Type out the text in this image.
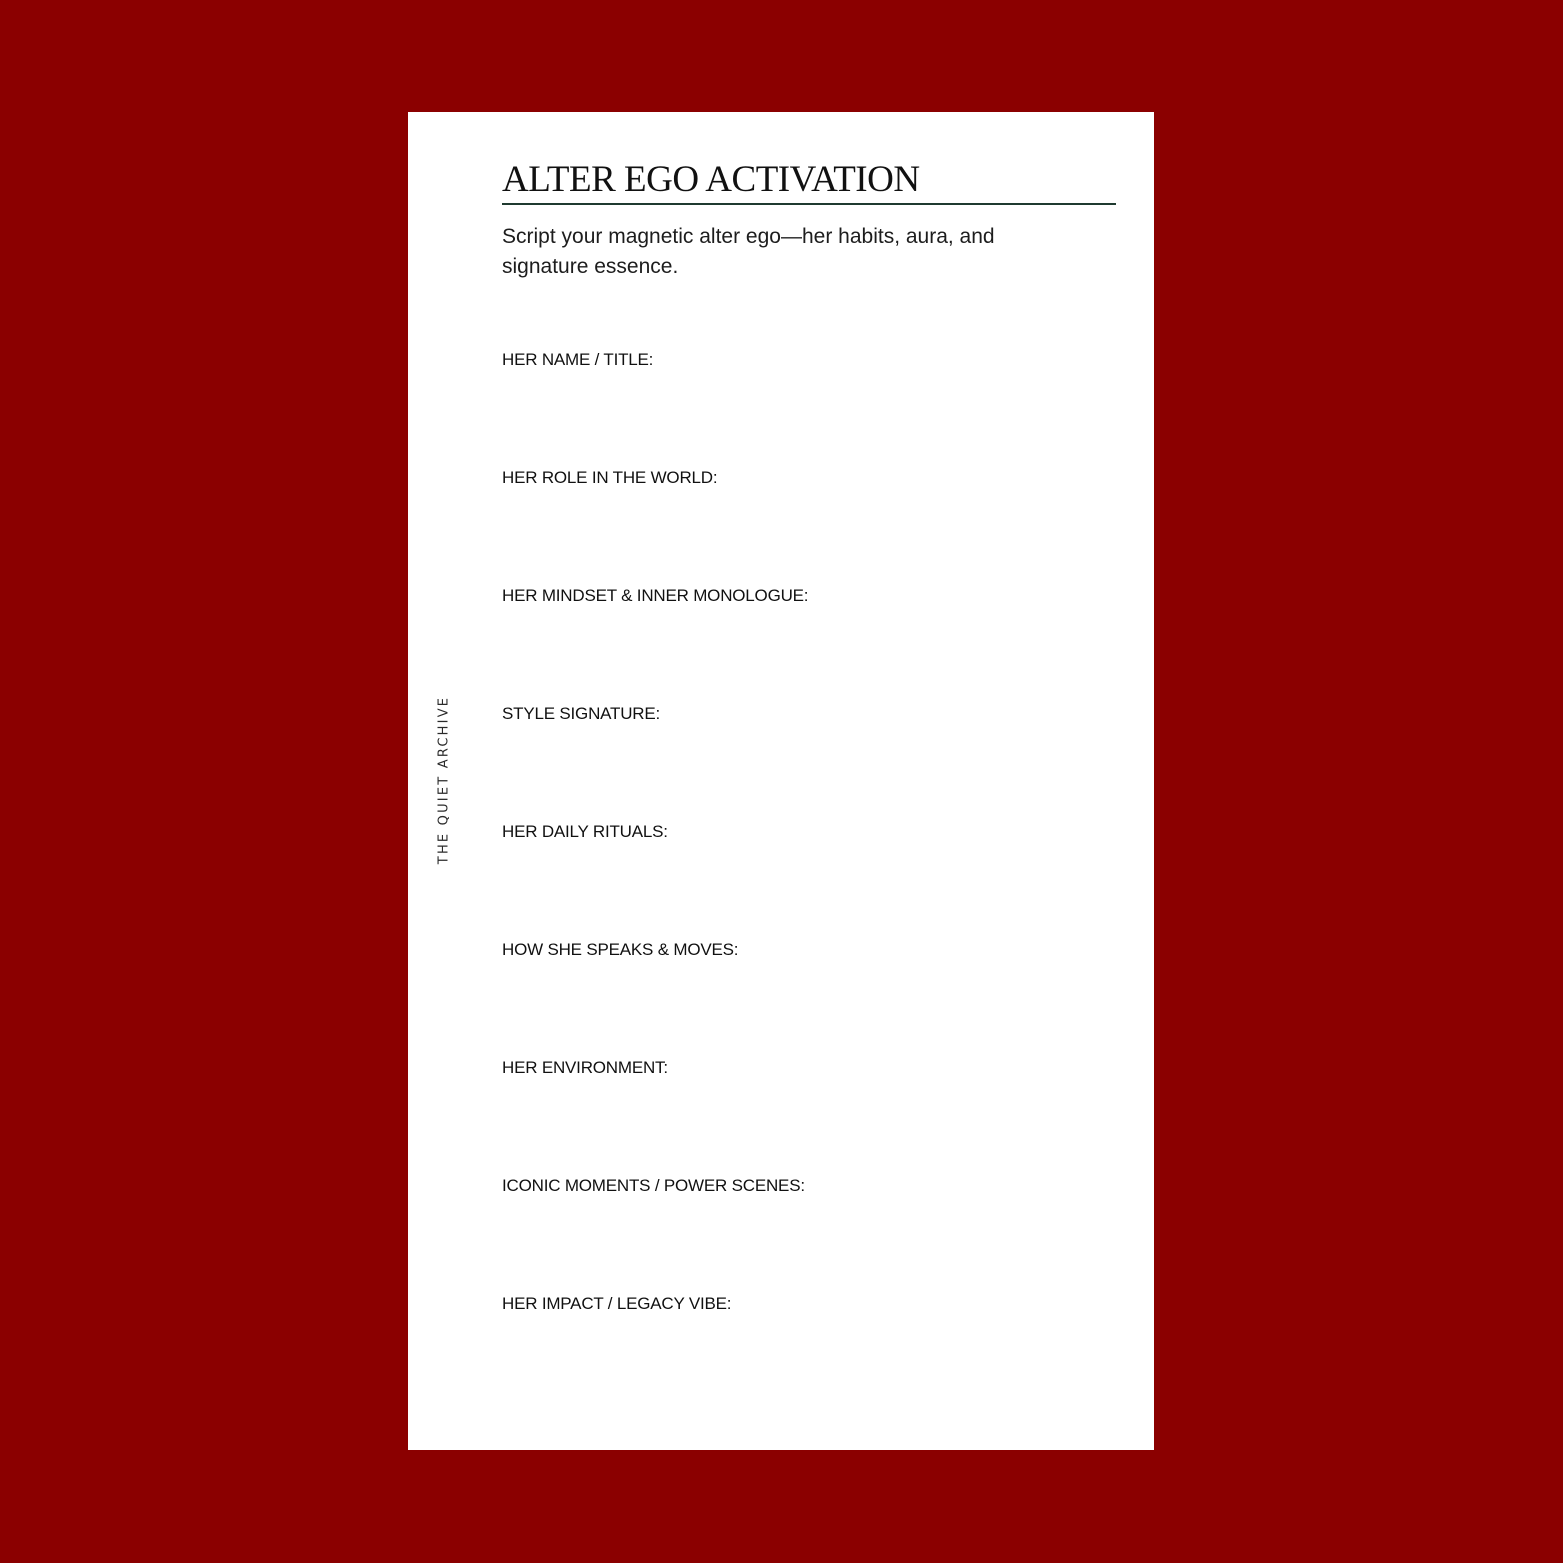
THE QUIET ARCHIVE
ALTER EGO ACTIVATION

Script your magnetic alter ego—her habits, aura, and signature essence.

HER NAME / TITLE:
HER ROLE IN THE WORLD:
HER MINDSET & INNER MONOLOGUE:
STYLE SIGNATURE:
HER DAILY RITUALS:
HOW SHE SPEAKS & MOVES:
HER ENVIRONMENT:
ICONIC MOMENTS / POWER SCENES:
HER IMPACT / LEGACY VIBE:
